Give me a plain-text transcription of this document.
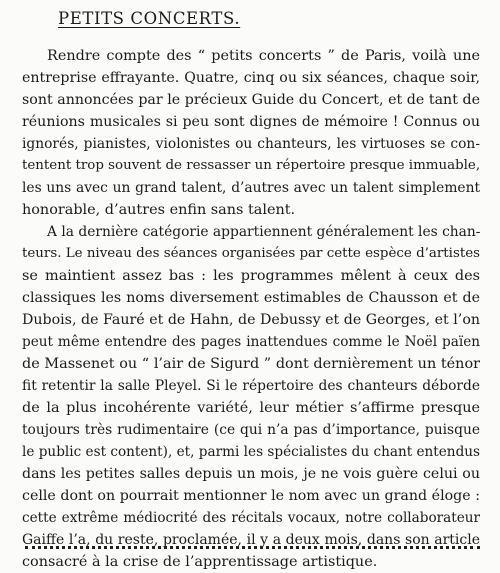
PETITS CONCERTS.
Rendre compte des “ petits concerts ” de Paris, voilà une
entreprise effrayante. Quatre, cinq ou six séances, chaque soir,
sont annoncées par le précieux Guide du Concert, et de tant de
réunions musicales si peu sont dignes de mémoire ! Connus ou
ignorés, pianistes, violonistes ou chanteurs, les virtuoses se con-
tentent trop souvent de ressasser un répertoire presque immuable,
les uns avec un grand talent, d’autres avec un talent simplement
honorable, d’autres enfin sans talent.
A la dernière catégorie appartiennent généralement les chan-
teurs. Le niveau des séances organisées par cette espèce d’artistes
se maintient assez bas : les programmes mêlent à ceux des
classiques les noms diversement estimables de Chausson et de
Dubois, de Fauré et de Hahn, de Debussy et de Georges, et l’on
peut même entendre des pages inattendues comme le Noël païen
de Massenet ou “ l’air de Sigurd ” dont dernièrement un ténor
fit retentir la salle Pleyel. Si le répertoire des chanteurs déborde
de la plus incohérente variété, leur métier s’affirme presque
toujours très rudimentaire (ce qui n’a pas d’importance, puisque
le public est content), et, parmi les spécialistes du chant entendus
dans les petites salles depuis un mois, je ne vois guère celui ou
celle dont on pourrait mentionner le nom avec un grand éloge :
cette extrême médiocrité des récitals vocaux, notre collaborateur
Gaiffe l’a, du reste, proclamée, il y a deux mois, dans son article
consacré à la crise de l’apprentissage artistique.
